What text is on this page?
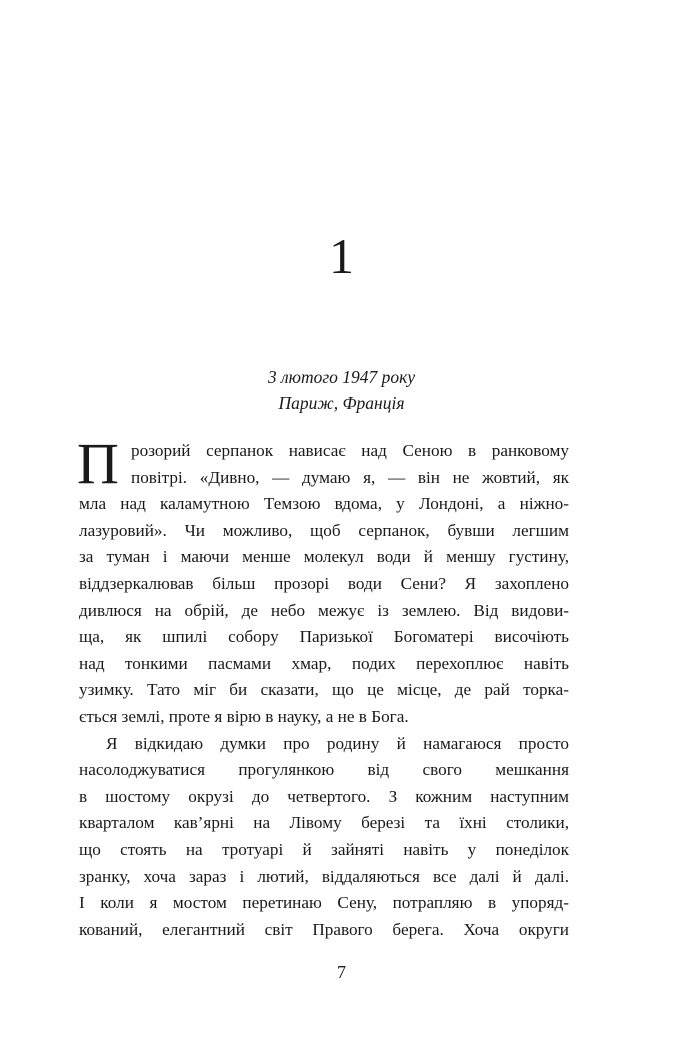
1
3 лютого 1947 року
Париж, Франція
П розорий серпанок нависає над Сеною в ранковому
повітрі. «Дивно, — думаю я, — він не жовтий, як
мла над каламутною Темзою вдома, у Лондоні, а ніжно-
лазуровий». Чи можливо, щоб серпанок, бувши легшим
за туман і маючи менше молекул води й меншу густину,
віддзеркалював більш прозорі води Сени? Я захоплено
дивлюся на обрій, де небо межує із землею. Від видови-
ща, як шпилі собору Паризької Богоматері височіють
над тонкими пасмами хмар, подих перехоплює навіть
узимку. Тато міг би сказати, що це місце, де рай торка-
ється землі, проте я вірю в науку, а не в Бога.
Я відкидаю думки про родину й намагаюся просто
насолоджуватися прогулянкою від свого мешкання
в шостому окрузі до четвертого. З кожним наступним
кварталом кав’ярні на Лівому березі та їхні столики,
що стоять на тротуарі й зайняті навіть у понеділок
зранку, хоча зараз і лютий, віддаляються все далі й далі.
І коли я мостом перетинаю Сену, потрапляю в упоряд-
кований, елегантний світ Правого берега. Хоча округи
7
